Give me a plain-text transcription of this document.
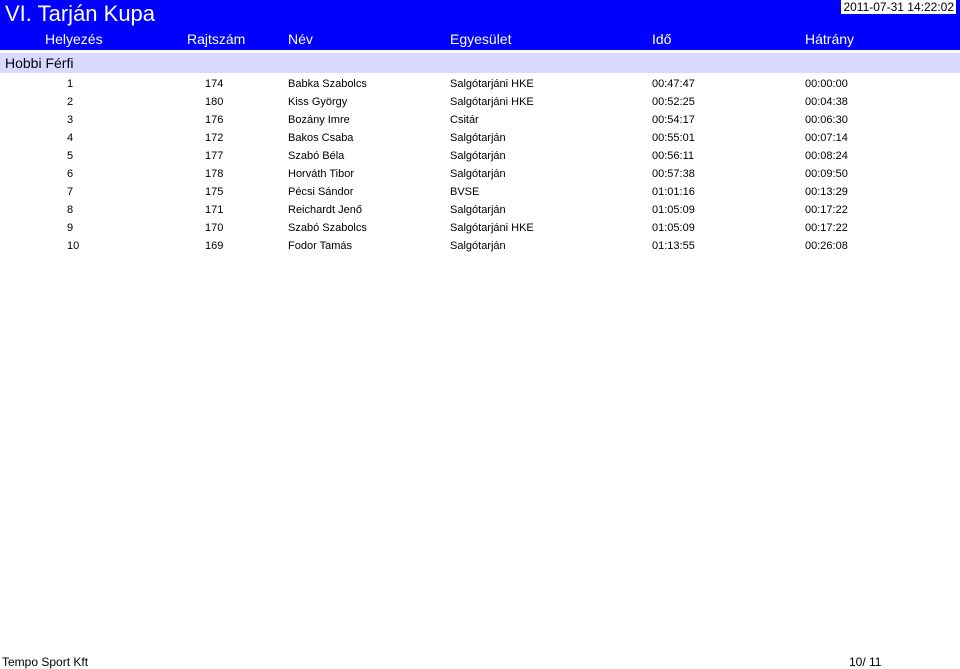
VI. Tarján Kupa	2011-07-31 14:22:02
Helyezés	Rajtszám	Név	Egyesület	Idő	Hátrány
Hobbi Férfi
1	174	Babka Szabolcs	Salgótarjáni HKE	00:47:47	00:00:00
2	180	Kiss György	Salgótarjáni HKE	00:52:25	00:04:38
3	176	Bozány Imre	Csitár	00:54:17	00:06:30
4	172	Bakos Csaba	Salgótarján	00:55:01	00:07:14
5	177	Szabó Béla	Salgótarján	00:56:11	00:08:24
6	178	Horváth Tibor	Salgótarján	00:57:38	00:09:50
7	175	Pécsi Sándor	BVSE	01:01:16	00:13:29
8	171	Reichardt Jenő	Salgótarján	01:05:09	00:17:22
9	170	Szabó Szabolcs	Salgótarjáni HKE	01:05:09	00:17:22
10	169	Fodor Tamás	Salgótarján	01:13:55	00:26:08
Tempo Sport Kft	10/ 11
